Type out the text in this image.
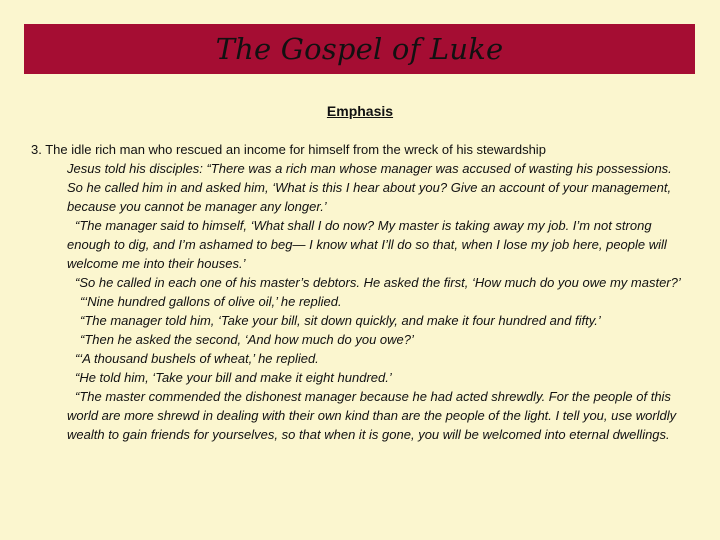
The Gospel of Luke
Emphasis
3. The idle rich man who rescued an income for himself from the wreck of his stewardship

Jesus told his disciples: “There was a rich man whose manager was accused of wasting his possessions. So he called him in and asked him, ‘What is this I hear about you? Give an account of your management, because you cannot be manager any longer.’

“The manager said to himself, ‘What shall I do now? My master is taking away my job. I’m not strong enough to dig, and I’m ashamed to beg— I know what I’ll do so that, when I lose my job here, people will welcome me into their houses.’

“So he called in each one of his master’s debtors. He asked the first, ‘How much do you owe my master?’

“‘Nine hundred gallons of olive oil,’ he replied.

“The manager told him, ‘Take your bill, sit down quickly, and make it four hundred and fifty.’

“Then he asked the second, ‘And how much do you owe?’

“‘A thousand bushels of wheat,’ he replied.

“He told him, ‘Take your bill and make it eight hundred.’

“The master commended the dishonest manager because he had acted shrewdly. For the people of this world are more shrewd in dealing with their own kind than are the people of the light. I tell you, use worldly wealth to gain friends for yourselves, so that when it is gone, you will be welcomed into eternal dwellings.
